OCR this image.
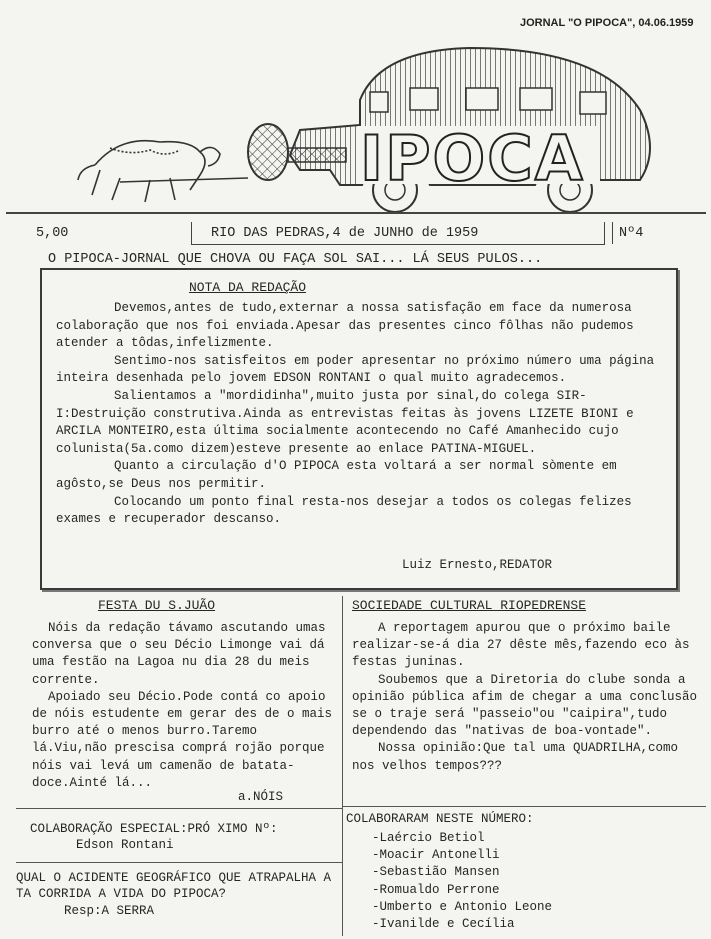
JORNAL "O PIPOCA", 04.06.1959
IPOCA
5,00	RIO DAS PEDRAS,4 de JUNHO de 1959	Nº4
O PIPOCA-JORNAL QUE CHOVA OU FAÇA SOL SAI... LÁ SEUS PULOS...
NOTA DA REDAÇÃO

Devemos,antes de tudo,externar a nossa satisfação em face da numerosa colaboração que nos foi enviada.Apesar das presentes cinco fôlhas não pudemos atender a tôdas,infelizmente.

Sentimo-nos satisfeitos em poder apresentar no próximo número uma página inteira desenhada pelo jovem EDSON RONTANI o qual muito agradecemos.

Salientamos a "mordidinha",muito justa por sinal,do colega SIR-I:Destruição construtiva.Ainda as entrevistas feitas às jovens LIZETE BIONI e ARCILA MONTEIRO,esta última socialmente acontecendo no Café Amanhecido cujo colunista(5a.como dizem)esteve presente ao enlace PATINA-MIGUEL.

Quanto a circulação d'O PIPOCA esta voltará a ser normal sòmente em agôsto,se Deus nos permitir.

Colocando um ponto final resta-nos desejar a todos os colegas felizes exames e recuperador descanso.

Luiz Ernesto,REDATOR
FESTA DU S.JUÃO

Nóis da redação távamo ascutando umas conversa que o seu Décio Limonge vai dá uma festão na Lagoa nu dia 28 du meis corrente.

Apoiado seu Décio.Pode contá co apoio de nóis estudente em gerar des de o mais burro até o menos burro.Taremo lá.Viu,não prescisa comprá rojão porque nóis vai levá um camenão de batata-doce.Ainté lá...

a.NÓIS
COLABORAÇÃO ESPECIAL:PRÓ XIMO Nº:
Edson Rontani
QUAL O ACIDENTE GEOGRÁFICO QUE ATRAPALHA A TA CORRIDA A VIDA DO PIPOCA?
Resp:A SERRA
SOCIEDADE CULTURAL RIOPEDRENSE

A reportagem apurou que o próximo baile realizar-se-á dia 27 dêste mês,fazendo eco às festas juninas.

Soubemos que a Diretoria do clube sonda a opinião pública afim de chegar a uma conclusão se o traje será "passeio"ou "caipira",tudo dependendo das "nativas de boa-vontade".

Nossa opinião:Que tal uma QUADRILHA,como nos velhos tempos???

COLABORARAM NESTE NÚMERO:
-Laércio Betiol
-Moacir Antonelli
-Sebastião Mansen
-Romualdo Perrone
-Umberto e Antonio Leone
-Ivanilde e Cecília
